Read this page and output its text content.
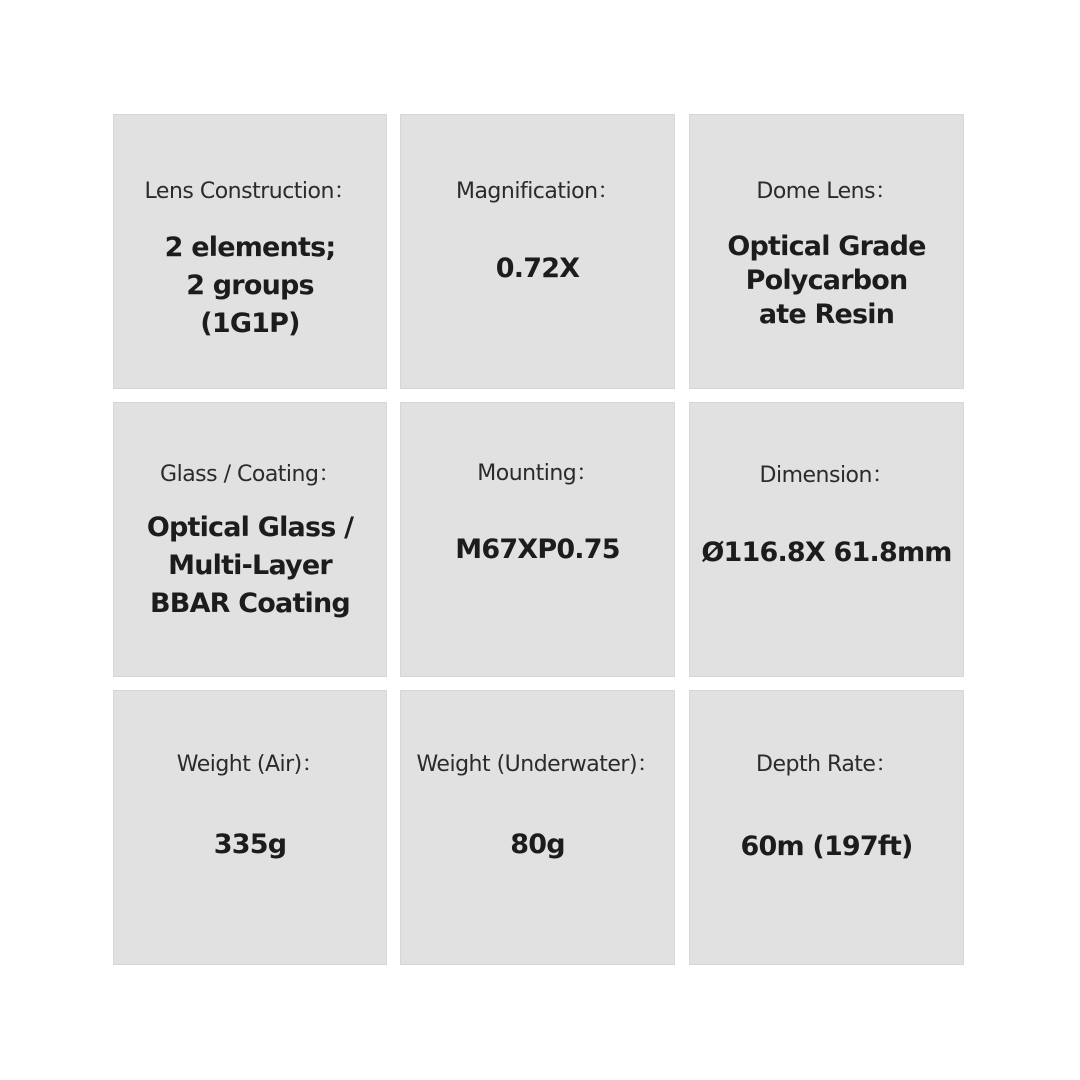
Lens Construction：
2 elements;
2 groups
(1G1P)
Magnification：
0.72X
Dome Lens：
Optical Grade
Polycarbon
ate Resin
Glass / Coating：
Optical Glass /
Multi-Layer
BBAR Coating
Mounting：
M67XP0.75
Dimension：
Ø116.8X 61.8mm
Weight (Air)：
335g
Weight (Underwater)：
80g
Depth Rate：
60m (197ft)
